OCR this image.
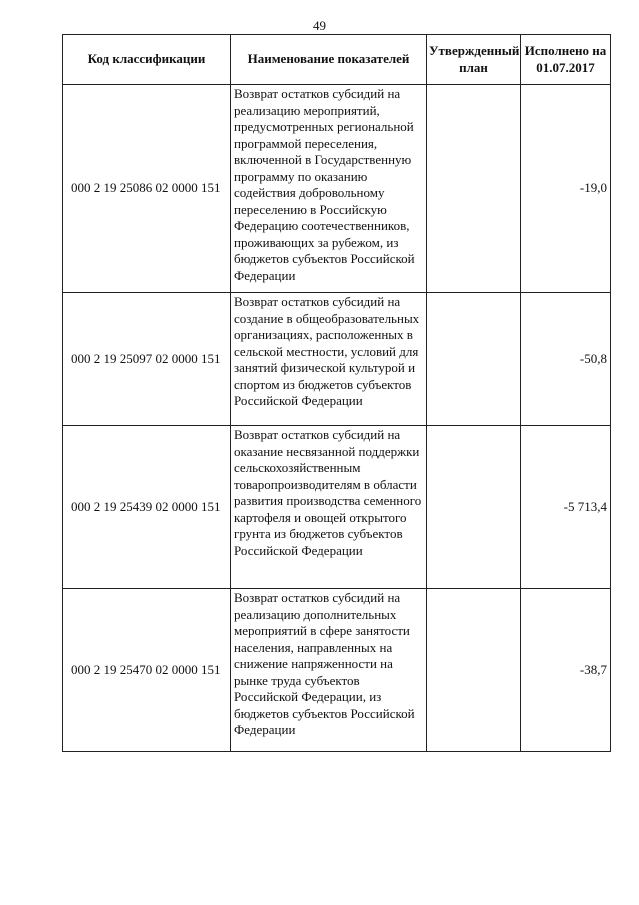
49
Код классификации	Наименование показателей	Утвержденный план	Исполнено на 01.07.2017
000 2 19 25086 02 0000 151	Возврат остатков субсидий на реализацию мероприятий, предусмотренных региональной программой переселения, включенной в Государственную программу по оказанию содействия добровольному переселению в Российскую Федерацию соотечественников, проживающих за рубежом, из бюджетов субъектов Российской Федерации		-19,0
000 2 19 25097 02 0000 151	Возврат остатков субсидий на создание в общеобразовательных организациях, расположенных в сельской местности, условий для занятий физической культурой и спортом из бюджетов субъектов Российской Федерации		-50,8
000 2 19 25439 02 0000 151	Возврат остатков субсидий на оказание несвязанной поддержки сельскохозяйственным товаропроизводителям в области развития производства семенного картофеля и овощей открытого грунта из бюджетов субъектов Российской Федерации		-5 713,4
000 2 19 25470 02 0000 151	Возврат остатков субсидий на реализацию дополнительных мероприятий в сфере занятости населения, направленных на снижение напряженности на рынке труда субъектов Российской Федерации, из бюджетов субъектов Российской Федерации		-38,7
